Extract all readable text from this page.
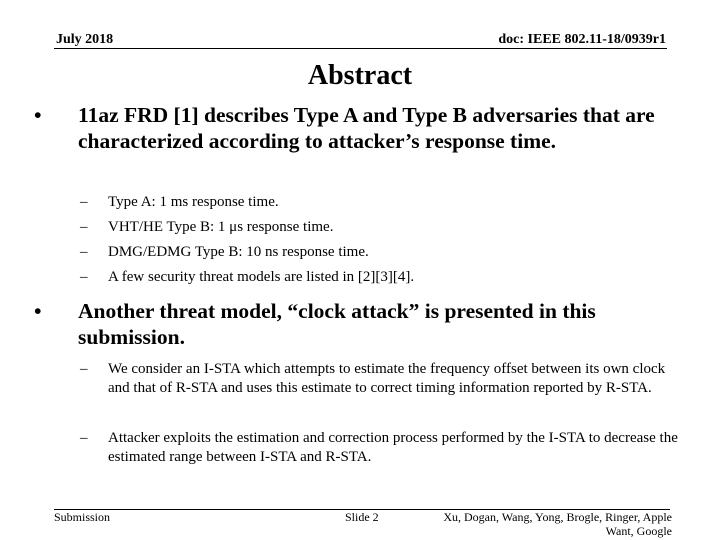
July 2018	doc: IEEE 802.11-18/0939r1
Abstract
• 11az FRD [1] describes Type A and Type B adversaries that are characterized according to attacker’s response time.
– Type A: 1 ms response time.
– VHT/HE Type B: 1 μs response time.
– DMG/EDMG Type B: 10 ns response time.
– A few security threat models are listed in [2][3][4].
• Another threat model, “clock attack” is presented in this submission.
– We consider an I-STA which attempts to estimate the frequency offset between its own clock and that of R-STA and uses this estimate to correct timing information reported by R-STA.
– Attacker exploits the estimation and correction process performed by the I-STA to decrease the estimated range between I-STA and R-STA.
Submission	Slide 2	Xu, Dogan, Wang, Yong, Brogle, Ringer, Apple Want, Google
